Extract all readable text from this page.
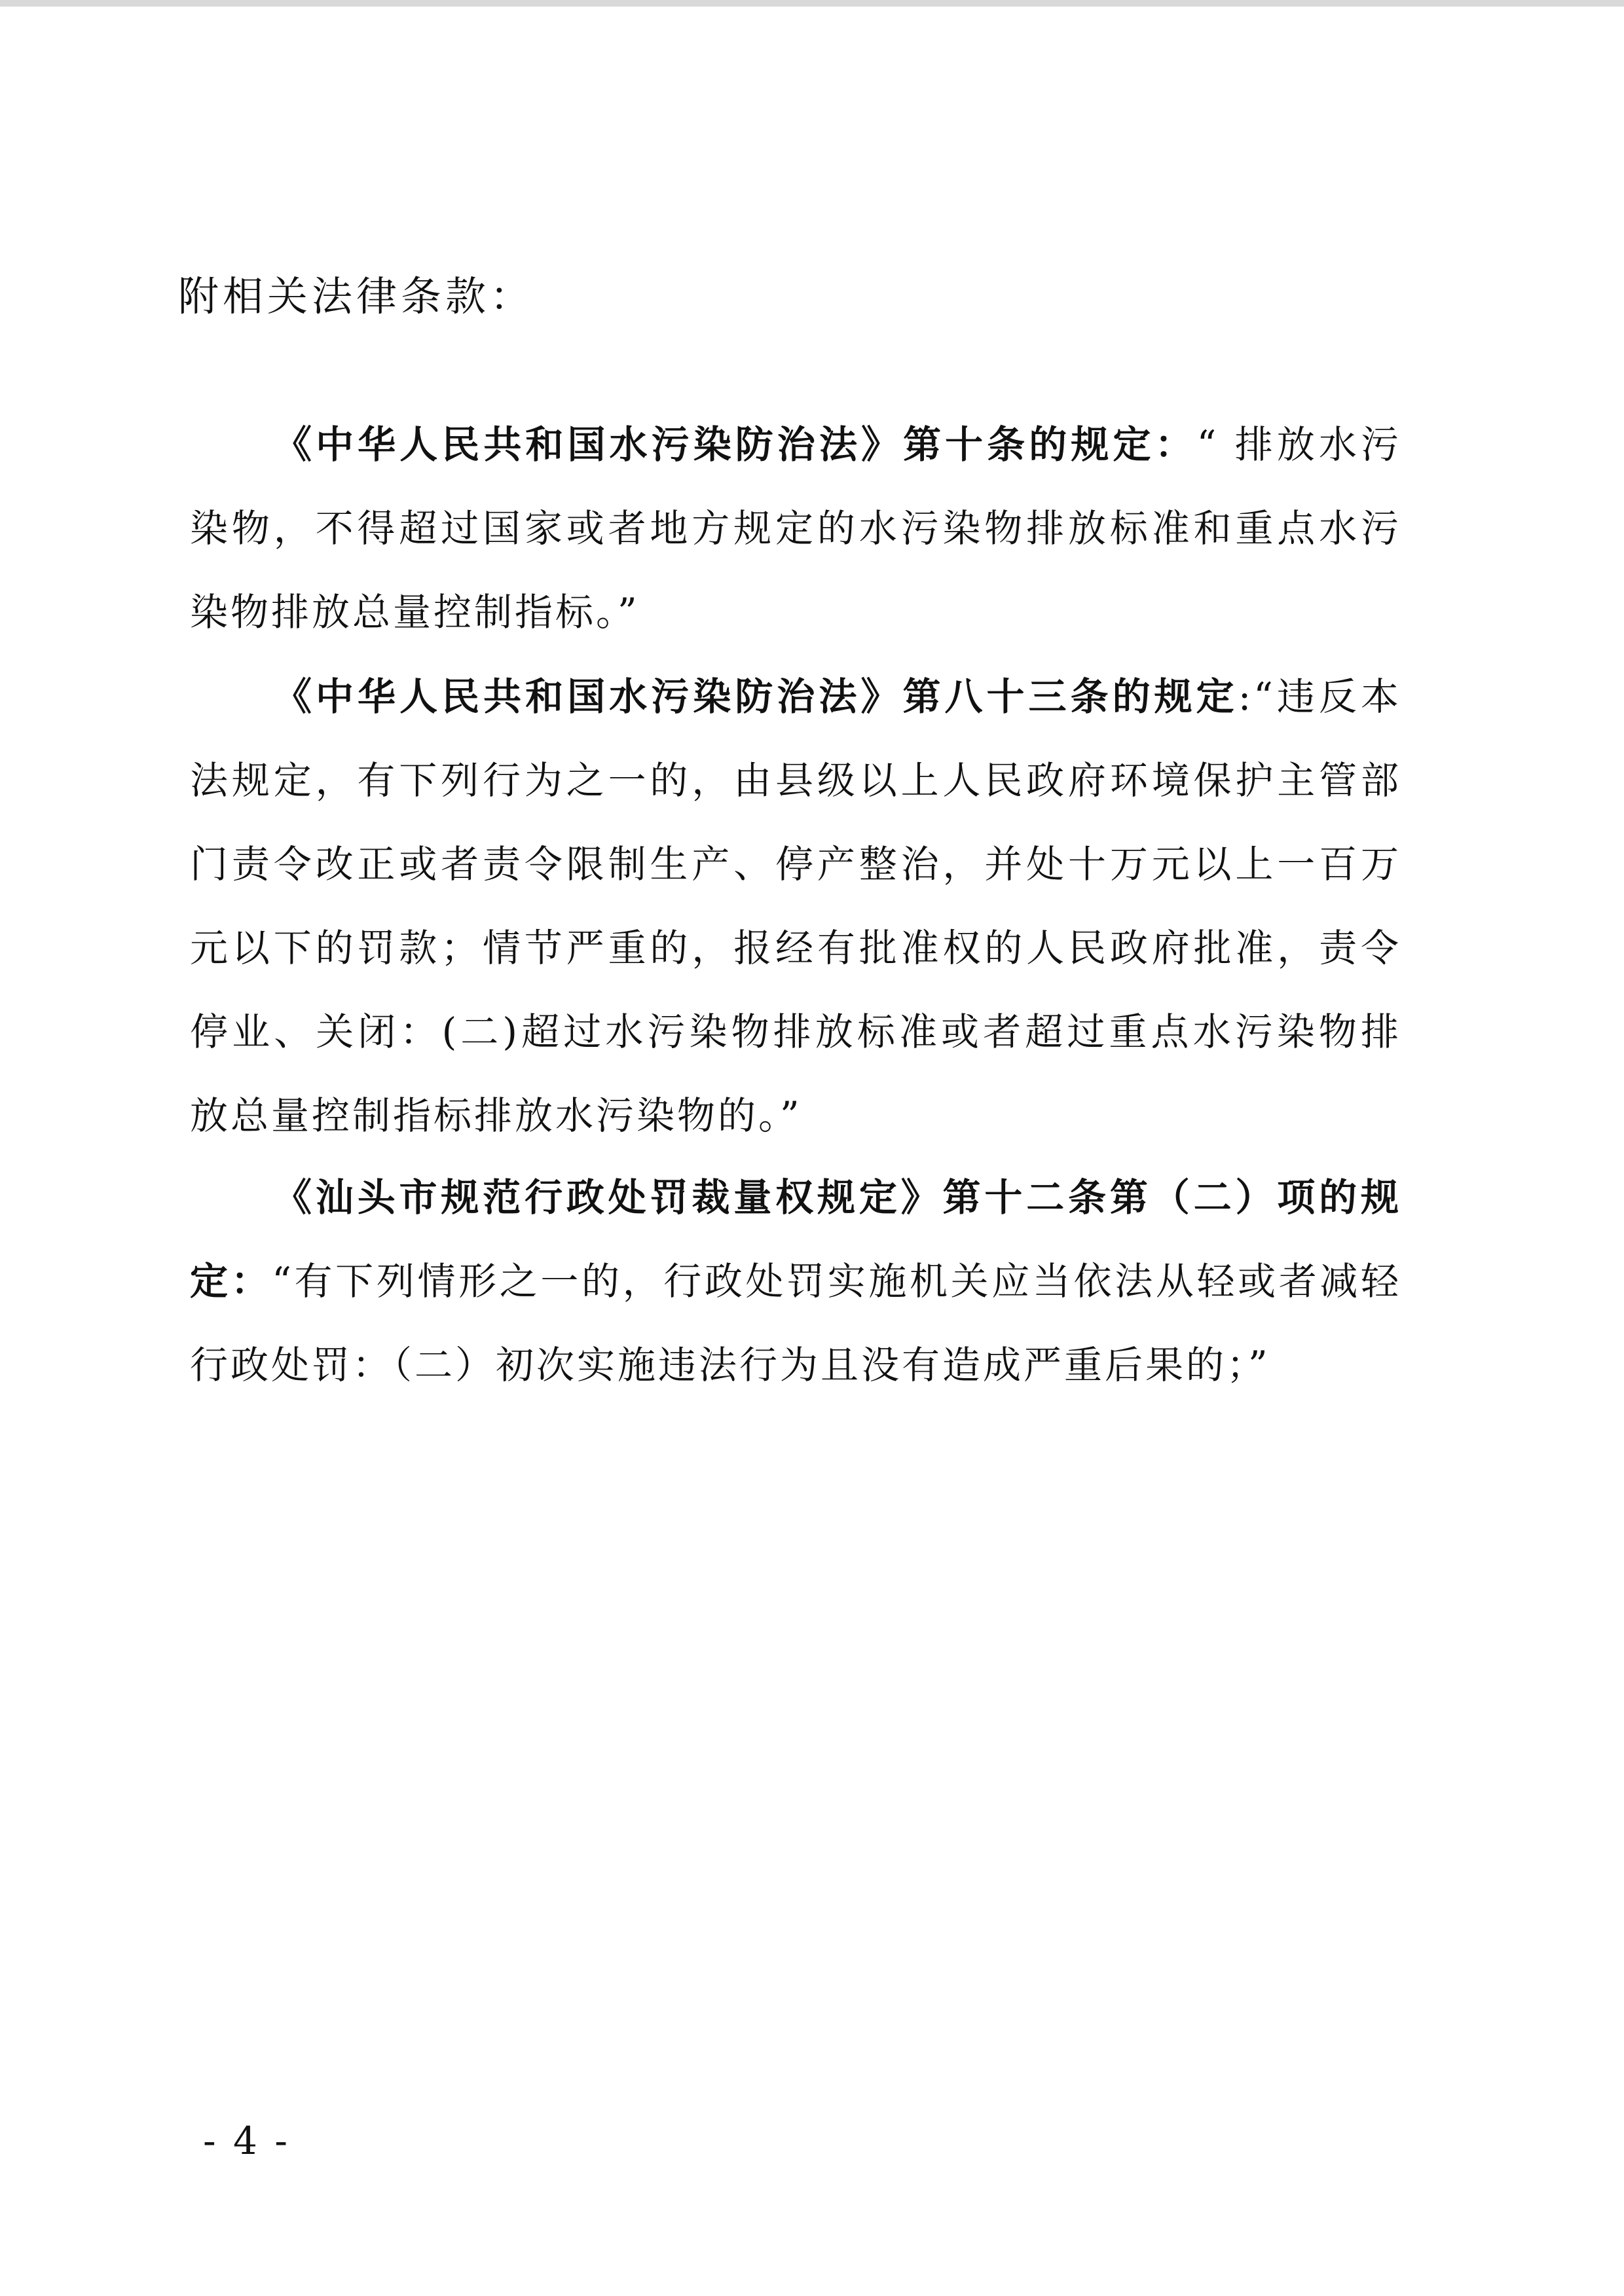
附相关法律条款：
《中华人民共和国水污染防治法》第十条的规定：“ 排放水污染物，不得超过国家或者地方规定的水污染物排放标准和重点水污染物排放总量控制指标。”
《中华人民共和国水污染防治法》第八十三条的规定:“违反本法规定，有下列行为之一的，由县级以上人民政府环境保护主管部门责令改正或者责令限制生产、停产整治，并处十万元以上一百万元以下的罚款；情节严重的，报经有批准权的人民政府批准，责令停业、关闭：(二)超过水污染物排放标准或者超过重点水污染物排放总量控制指标排放水污染物的。”
《汕头市规范行政处罚裁量权规定》第十二条第（二）项的规定：“有下列情形之一的，行政处罚实施机关应当依法从轻或者减轻行政处罚：（二）初次实施违法行为且没有造成严重后果的；”
- 4 -
